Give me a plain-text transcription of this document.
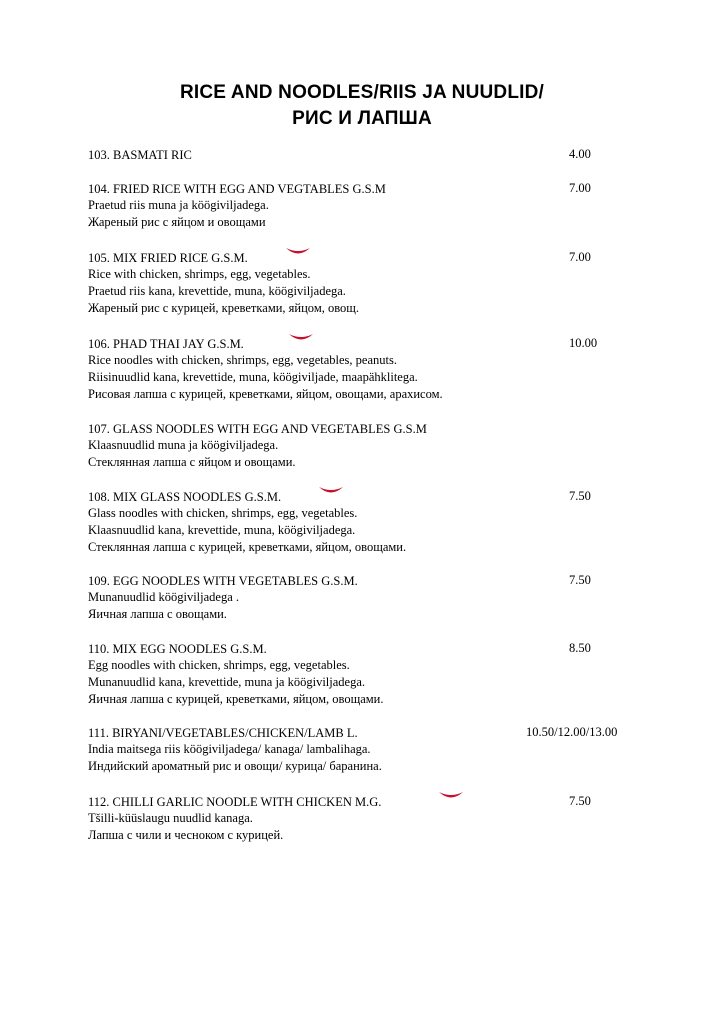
RICE AND NOODLES/RIIS JA NUUDLID/
РИС И ЛАПША
103. BASMATI RIC	4.00
104. FRIED RICE WITH EGG AND VEGTABLES G.S.M	7.00
Praetud riis muna ja köögiviljadega.
Жареный рис с яйцом и овощами
105. MIX FRIED RICE G.S.M.	7.00
Rice with chicken, shrimps, egg, vegetables.
Praetud riis kana, krevettide, muna, köögiviljadega.
Жареный рис с курицей, креветками, яйцом, овощ.
106. PHAD THAI JAY G.S.M.	10.00
Rice noodles with chicken, shrimps, egg, vegetables, peanuts.
Riisinuudlid kana, krevettide, muna, köögiviljade, maapähklitega.
Рисовая лапша с курицей, креветками, яйцом, овощами, арахисом.
107. GLASS NOODLES WITH EGG AND VEGETABLES G.S.M
Klaasnuudlid muna ja köögiviljadega.
Стеклянная лапша с яйцом и овощами.
108. MIX GLASS NOODLES G.S.M.	7.50
Glass noodles with chicken, shrimps, egg, vegetables.
Klaasnuudlid kana, krevettide, muna, köögiviljadega.
Стеклянная лапша с курицей, креветками, яйцом, овощами.
109. EGG NOODLES WITH VEGETABLES G.S.M.	7.50
Munanuudlid köögiviljadega .
Яичная лапша с овощами.
110. MIX EGG NOODLES G.S.M.	8.50
Egg noodles with chicken, shrimps, egg, vegetables.
Munanuudlid kana, krevettide, muna ja köögiviljadega.
Яичная лапша с курицей, креветками, яйцом, овощами.
111. BIRYANI/VEGETABLES/CHICKEN/LAMB L.	10.50/12.00/13.00
India maitsega riis köögiviljadega/ kanaga/ lambalihaga.
Индийский ароматный рис и овощи/ курица/ баранина.
112. CHILLI GARLIC NOODLE WITH CHICKEN M.G.	7.50
Tšilli-küüslaugu nuudlid kanaga.
Лапша с чили и чесноком с курицей.
